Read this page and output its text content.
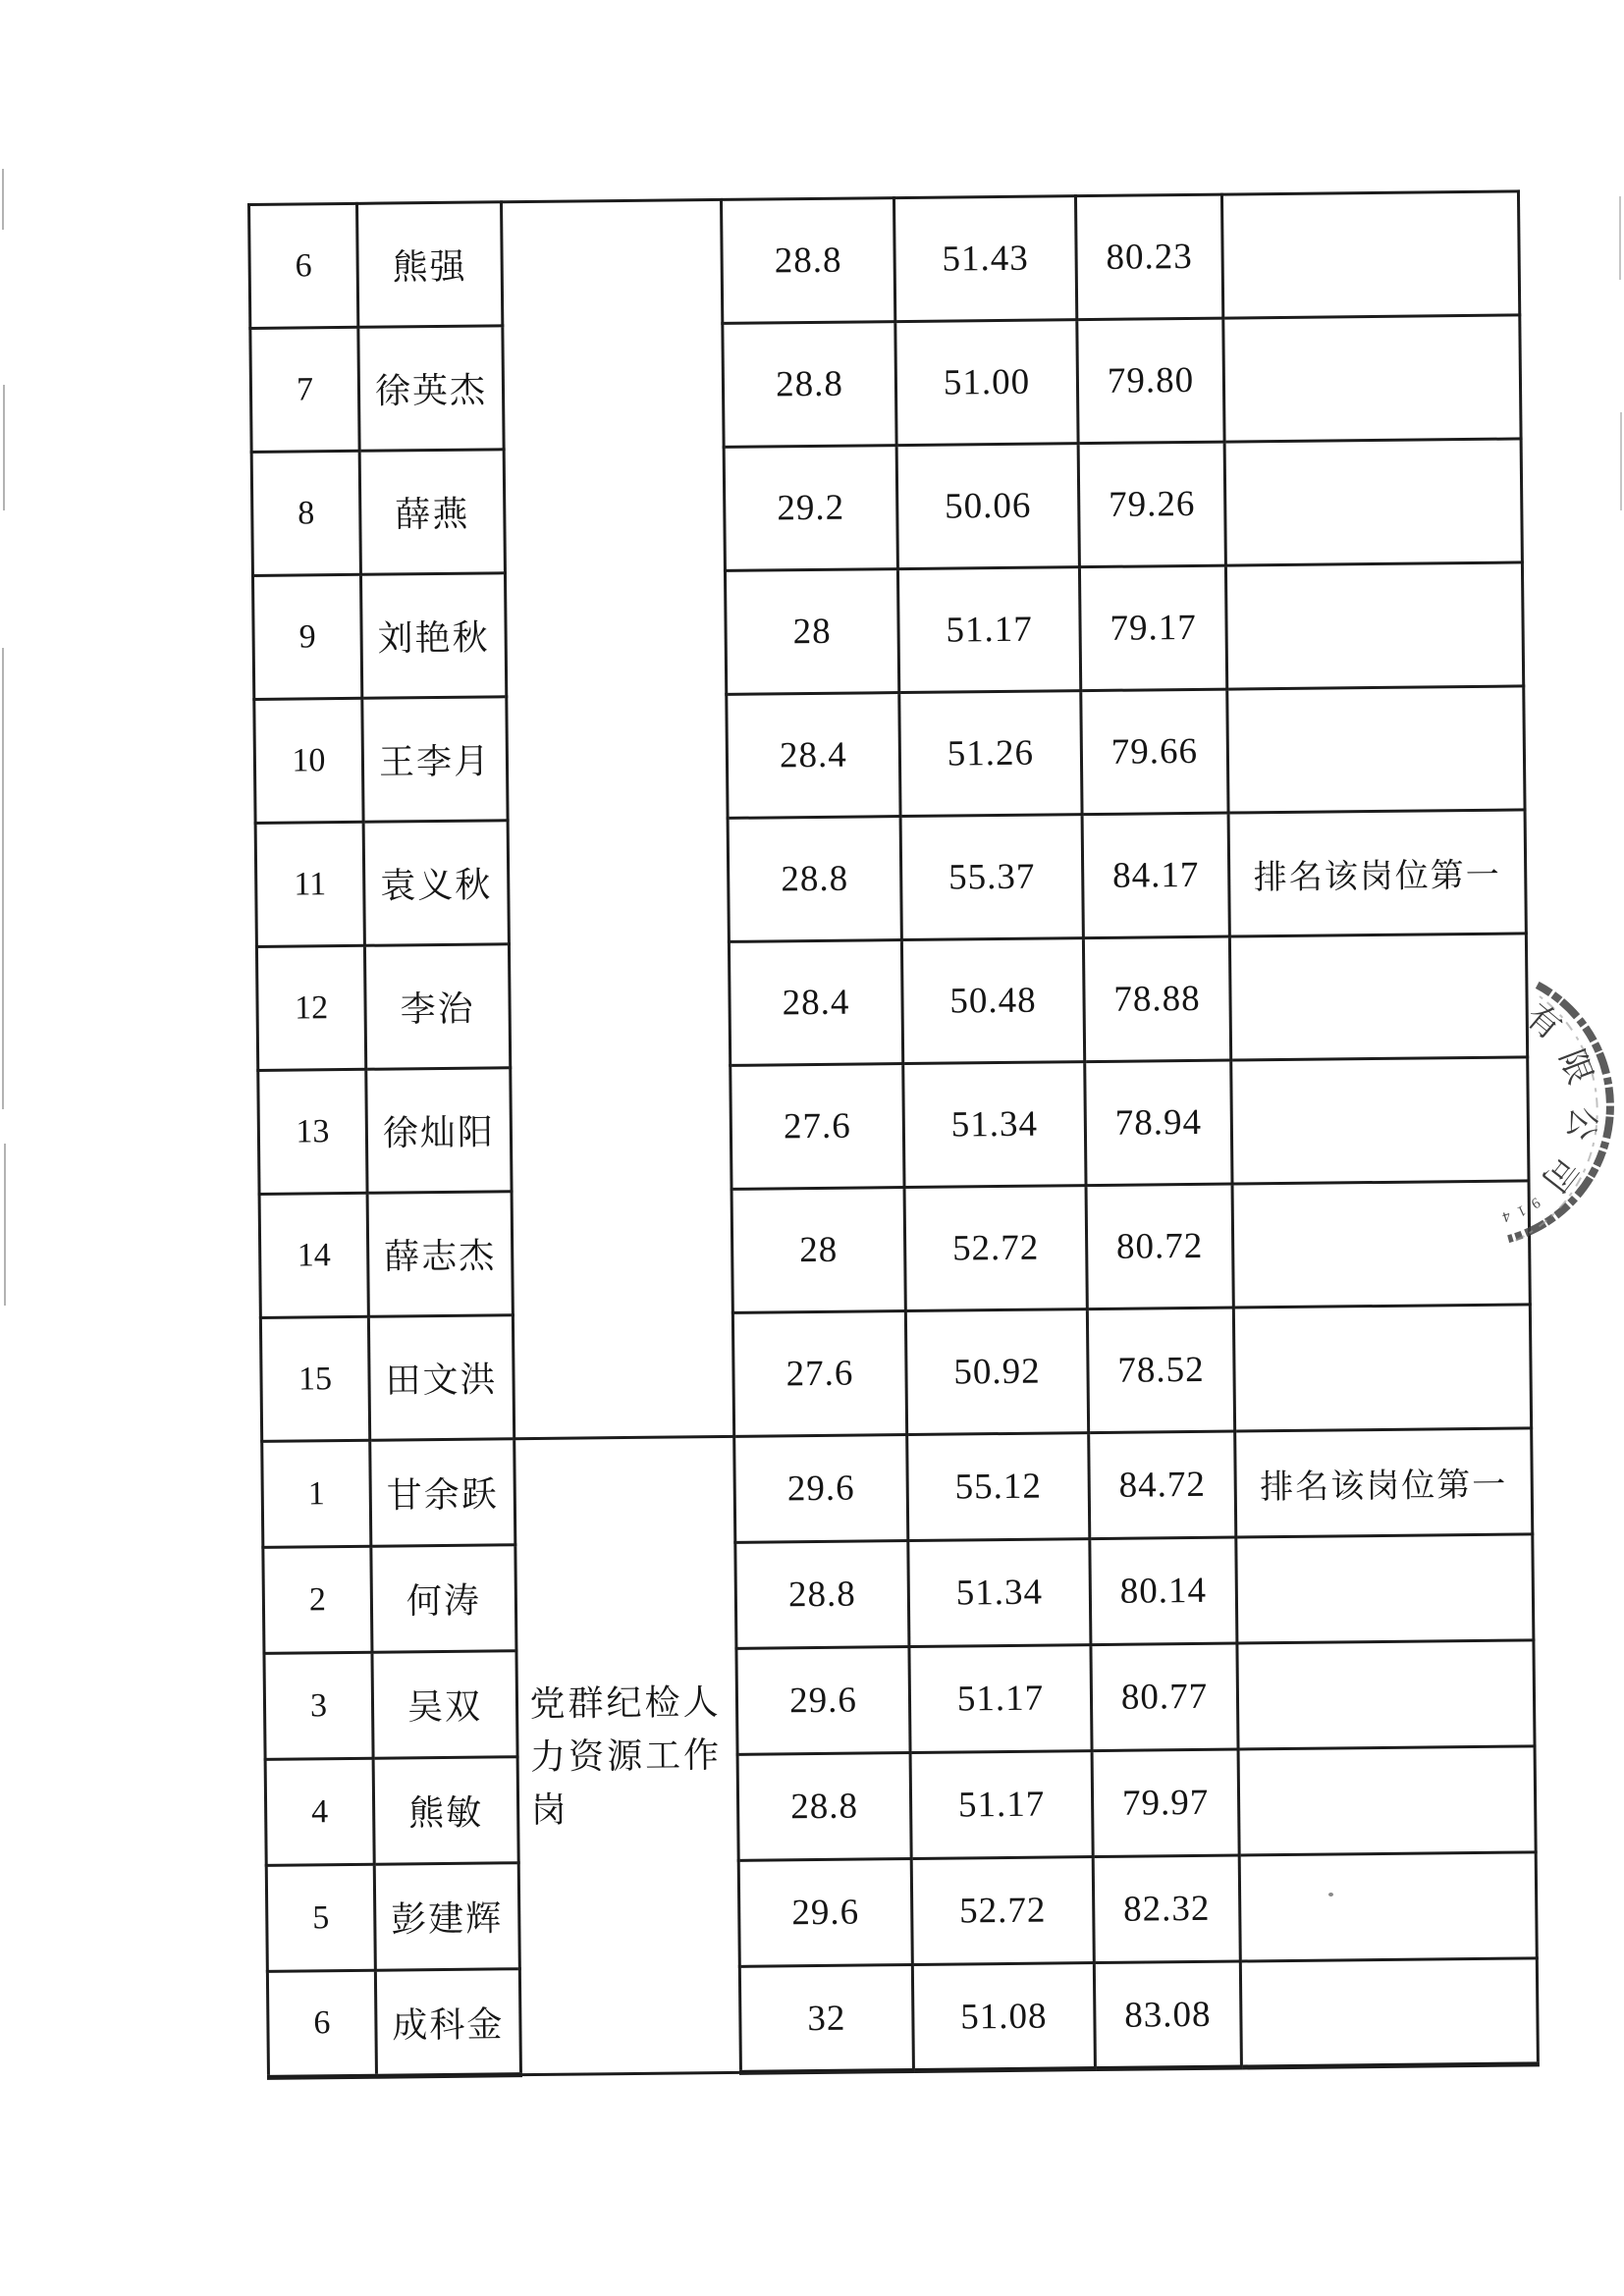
6	熊强		28.8	51.43	80.23	
7	徐英杰		28.8	51.00	79.80	
8	薛燕		29.2	50.06	79.26	
9	刘艳秋		28	51.17	79.17	
10	王李月		28.4	51.26	79.66	
11	袁义秋		28.8	55.37	84.17	排名该岗位第一
12	李治		28.4	50.48	78.88	
13	徐灿阳		27.6	51.34	78.94	
14	薛志杰		28	52.72	80.72	
15	田文洪		27.6	50.92	78.52	
1	甘余跃	党群纪检人力资源工作岗	29.6	55.12	84.72	排名该岗位第一
2	何涛		28.8	51.34	80.14	
3	吴双		29.6	51.17	80.77	
4	熊敏		28.8	51.17	79.97	
5	彭建辉		29.6	52.72	82.32	
6	成科金		32	51.08	83.08	
有
限
公
司
9
1
4
